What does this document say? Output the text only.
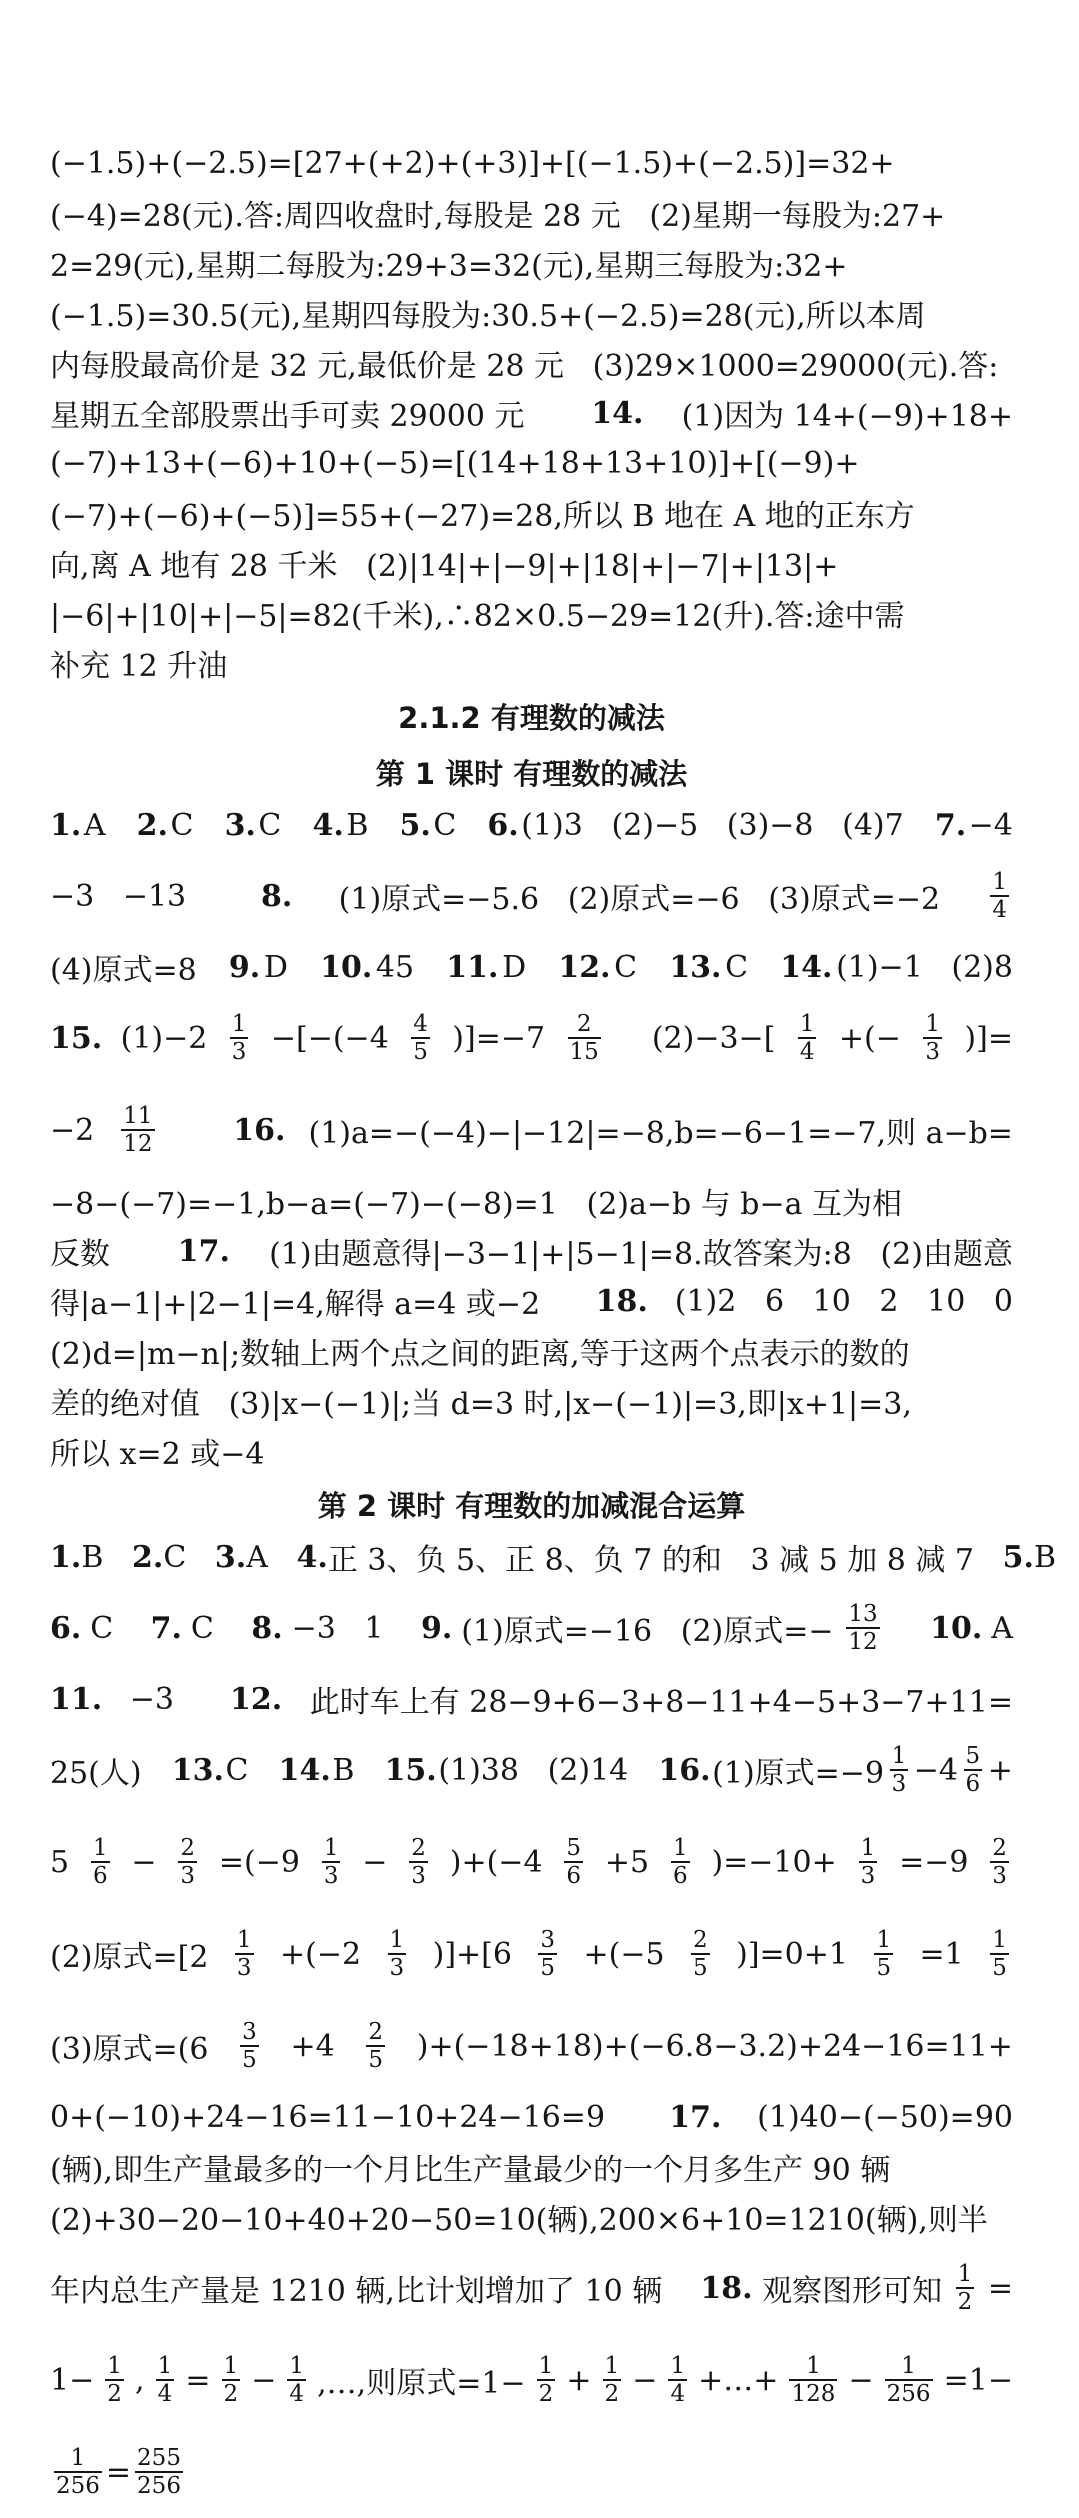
(−1.5)+(−2.5)=[27+(+2)+(+3)]+[(−1.5)+(−2.5)]=32+
(−4)=28(元).答:周四收盘时,每股是 28 元   (2)星期一每股为:27+
2=29(元),星期二每股为:29+3=32(元),星期三每股为:32+
(−1.5)=30.5(元),星期四每股为:30.5+(−2.5)=28(元),所以本周
内每股最高价是 32 元,最低价是 28 元   (3)29×1000=29000(元).答:
星期五全部股票出手可卖 29000 元 14. (1)因为 14+(−9)+18+
(−7)+13+(−6)+10+(−5)=[(14+18+13+10)]+[(−9)+
(−7)+(−6)+(−5)]=55+(−27)=28,所以 B 地在 A 地的正东方
向,离 A 地有 28 千米   (2)|14|+|−9|+|18|+|−7|+|13|+
|−6|+|10|+|−5|=82(千米),∴82×0.5−29=12(升).答:途中需
补充 12 升油
2.1.2 有理数的减法
第 1 课时 有理数的减法
1. A 2. C 3. C 4. B 5. C 6. (1)3   (2)−5   (3)−8   (4)7 7. −4
−3   −13 8. (1)原式=−5.6   (2)原式=−6   (3)原式$=-2 \frac{1}{4}$
(4)原式=8 9. D 10. 45 11. D 12. C 13. C 14. (1)−1   (2)8
15. $(1)-2 \frac{1}{3} -[-(-4 \frac{4}{5} )]=-7 \frac{2}{15} (2)-3-[ \frac{1}{4}$ +(− $\frac{1}{3}$ )]=
$-2 \frac{11}{12}$
	16. (1)a=−(−4)−|−12|=−8,b=−6−1=−7,则 a−b=
−8−(−7)=−1,b−a=(−7)−(−8)=1   (2)a−b 与 b−a 互为相
反数 17. (1)由题意得|−3−1|+|5−1|=8.故答案为:8   (2)由题意
得|a−1|+|2−1|=4,解得 a=4 或−2 18. (1)2   6   10   2   10   0
(2)d=|m−n|;数轴上两个点之间的距离,等于这两个点表示的数的
差的绝对值   (3)|x−(−1)|;当 d=3 时,|x−(−1)|=3,即|x+1|=3,
所以 x=2 或−4
第 2 课时 有理数的加减混合运算
1. B 2. C 3. A 4. 正 3、负 5、正 8、负 7 的和   3 减 5 加 8 减 7 5. B
6. C 7. C 8. −3   1 9. (1)原式=−16   (2)原式=− $\frac{13}{12}$
10. A
11. −3 12. 此时车上有 28−9+6−3+8−11+4−5+3−7+11=
25(人) 13. C 14. B 15. (1)38   (2)14 16. (1)原式$=-9 \frac{1}{3} -4 \frac{5}{6}$ +
$5 \frac{1}{6} - \frac{2}{3} =(-9 \frac{1}{3} - \frac{2}{3} )+(-4 \frac{5}{6} +5 \frac{1}{6} )=-10+ \frac{1}{3} =-9 \frac{2}{3}$
(2)原式$=[2 \frac{1}{3} +(-2 \frac{1}{3} )]+[6 \frac{3}{5} +(-5 \frac{2}{5} )]=0+1 \frac{1}{5} =1 \frac{1}{5}$
(3)原式$=(6 \frac{3}{5} +4 \frac{2}{5} )+(-18+18)+(-6.8-3.2)+24-16=11+$
0+(−10)+24−16=11−10+24−16=9 17. (1)40−(−50)=90
(辆),即生产量最多的一个月比生产量最少的一个月多生产 90 辆
(2)+30−20−10+40+20−50=10(辆),200×6+10=1210(辆),则半
年内总生产量是 1210 辆,比计划增加了 10 辆 18. 观察图形可知 $\frac{1}{2}$ =
$1- \frac{1}{2}$ , $\frac{1}{4} = \frac{1}{2} - \frac{1}{4}$ ,…,则原式$=1- \frac{1}{2} + \frac{1}{2} - \frac{1}{4}$ +…+ $\frac{1}{128} - \frac{1}{256} =1-$
$\frac{1}{256} = \frac{255}{256}$
